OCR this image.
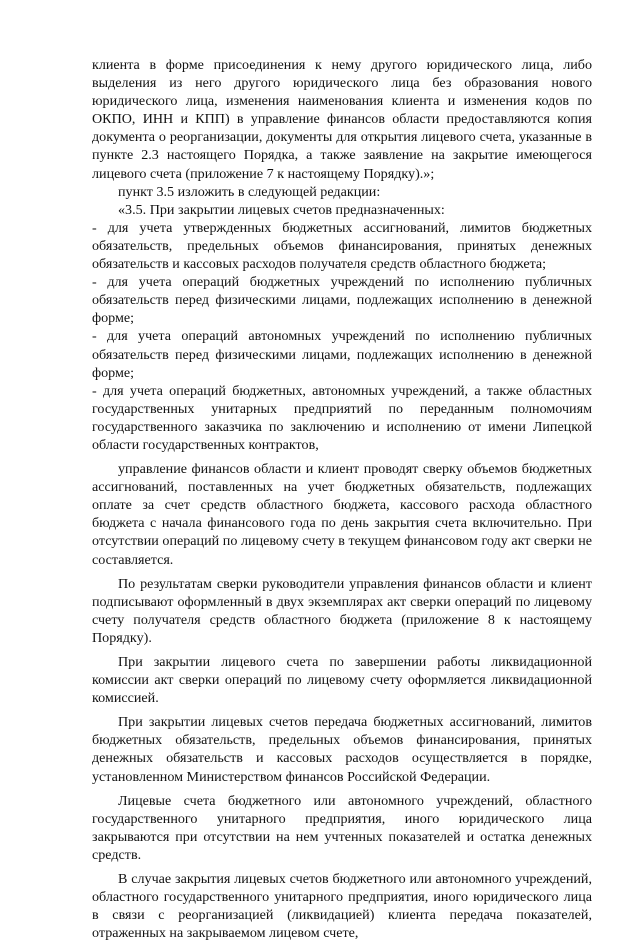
клиента в форме присоединения к нему другого юридического лица, либо выделения из него другого юридического лица без образования нового юридического лица, изменения наименования клиента и изменения кодов по ОКПО, ИНН и КПП) в управление финансов области предоставляются копия документа о реорганизации, документы для открытия лицевого счета, указанные в пункте 2.3 настоящего Порядка, а также заявление на закрытие имеющегося лицевого счета (приложение 7 к настоящему Порядку).»;

пункт 3.5 изложить в следующей редакции:

«3.5. При закрытии лицевых счетов предназначенных:

- для учета утвержденных бюджетных ассигнований, лимитов бюджетных обязательств, предельных объемов финансирования, принятых денежных обязательств и кассовых расходов получателя средств областного бюджета;

- для учета операций бюджетных учреждений по исполнению публичных обязательств перед физическими лицами, подлежащих исполнению в денежной форме;

- для учета операций автономных учреждений по исполнению публичных обязательств перед физическими лицами, подлежащих исполнению в денежной форме;

- для учета операций бюджетных, автономных учреждений, а также областных государственных унитарных предприятий по переданным полномочиям государственного заказчика по заключению и исполнению от имени Липецкой области государственных контрактов,

управление финансов области и клиент проводят сверку объемов бюджетных ассигнований, поставленных на учет бюджетных обязательств, подлежащих оплате за счет средств областного бюджета, кассового расхода областного бюджета с начала финансового года по день закрытия счета включительно. При отсутствии операций по лицевому счету в текущем финансовом году акт сверки не составляется.

По результатам сверки руководители управления финансов области и клиент подписывают оформленный в двух экземплярах акт сверки операций по лицевому счету получателя средств областного бюджета (приложение 8 к настоящему Порядку).

При закрытии лицевого счета по завершении работы ликвидационной комиссии акт сверки операций по лицевому счету оформляется ликвидационной комиссией.

При закрытии лицевых счетов передача бюджетных ассигнований, лимитов бюджетных обязательств, предельных объемов финансирования, принятых денежных обязательств и кассовых расходов осуществляется в порядке, установленном Министерством финансов Российской Федерации.

Лицевые счета бюджетного или автономного учреждений, областного государственного унитарного предприятия, иного юридического лица закрываются при отсутствии на нем учтенных показателей и остатка денежных средств.

В случае закрытия лицевых счетов бюджетного или автономного учреждений, областного государственного унитарного предприятия, иного юридического лица в связи с реорганизацией (ликвидацией) клиента передача показателей, отраженных на закрываемом лицевом счете,
